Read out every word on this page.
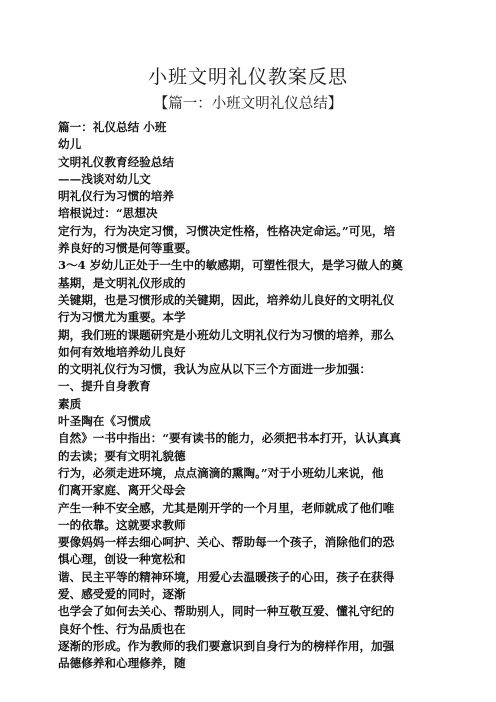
小班文明礼仪教案反思
【篇一：小班文明礼仪总结】
篇一：礼仪总结 小班
幼儿
文明礼仪教育经验总结
——浅谈对幼儿文
明礼仪行为习惯的培养
培根说过：“思想决
定行为，行为决定习惯，习惯决定性格，性格决定命运。”可见，培
养良好的习惯是何等重要。
3～4 岁幼儿正处于一生中的敏感期，可塑性很大，是学习做人的奠
基期，是文明礼仪形成的
关键期，也是习惯形成的关键期，因此，培养幼儿良好的文明礼仪
行为习惯尤为重要。本学
期，我们班的课题研究是小班幼儿文明礼仪行为习惯的培养，那么
如何有效地培养幼儿良好
的文明礼仪行为习惯，我认为应从以下三个方面进一步加强：
一、提升自身教育
素质
叶圣陶在《习惯成
自然》一书中指出：“要有读书的能力，必须把书本打开，认认真真
的去读；要有文明礼貌德
行为，必须走进环境，点点滴滴的熏陶。”对于小班幼儿来说，他
们离开家庭、离开父母会
产生一种不安全感，尤其是刚开学的一个月里，老师就成了他们唯
一的依靠。这就要求教师
要像妈妈一样去细心呵护、关心、帮助每一个孩子，消除他们的恐
惧心理，创设一种宽松和
谐、民主平等的精神环境，用爱心去温暖孩子的心田，孩子在获得
爱、感受爱的同时，逐渐
也学会了如何去关心、帮助别人，同时一种互敬互爱、懂礼守纪的
良好个性、行为品质也在
逐渐的形成。作为教师的我们要意识到自身行为的榜样作用，加强
品德修养和心理修养，随
